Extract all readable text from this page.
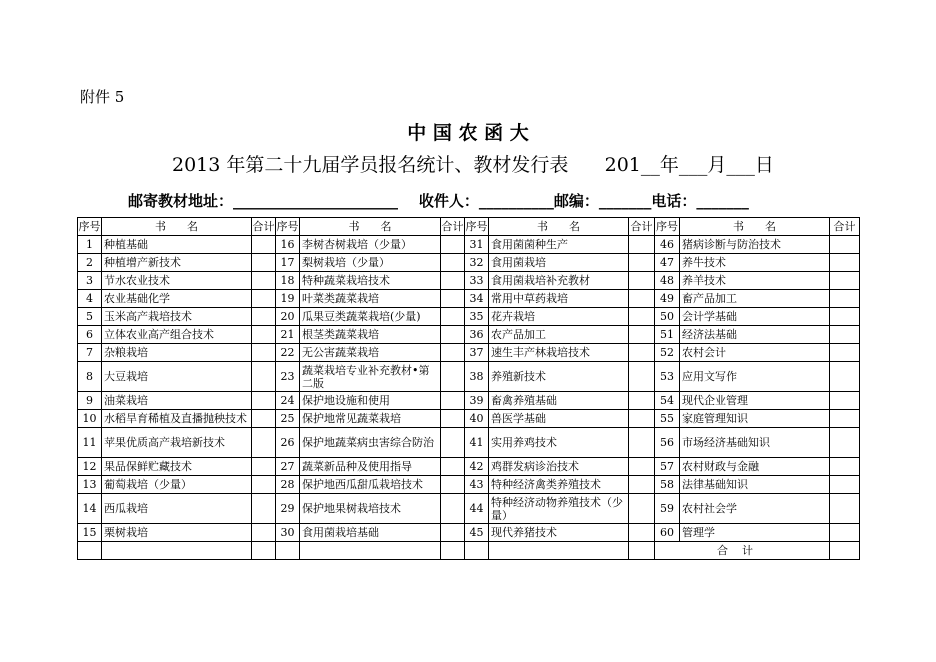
附件 5
中 国 农 函 大
2013 年第二十九届学员报名统计、教材发行表      201__年___月___日
邮寄教材地址：______________________    收件人：__________邮编：_______电话：_______
序号	书      名	合计	序号	书      名	合计	序号	书      名	合计	序号	书      名	合计
1	种植基础		16	李树杏树栽培（少量）		31	食用菌菌种生产		46	猪病诊断与防治技术	
2	种植增产新技术		17	梨树栽培（少量）		32	食用菌栽培		47	养牛技术	
3	节水农业技术		18	特种蔬菜栽培技术		33	食用菌栽培补充教材		48	养羊技术	
4	农业基础化学		19	叶菜类蔬菜栽培		34	常用中草药栽培		49	畜产品加工	
5	玉米高产栽培技术		20	瓜果豆类蔬菜栽培(少量)		35	花卉栽培		50	会计学基础	
6	立体农业高产组合技术		21	根茎类蔬菜栽培		36	农产品加工		51	经济法基础	
7	杂粮栽培		22	无公害蔬菜栽培		37	速生丰产林栽培技术		52	农村会计	
8	大豆栽培		23	蔬菜栽培专业补充教材•第二版		38	养殖新技术		53	应用文写作	
9	油菜栽培		24	保护地设施和使用		39	畜禽养殖基础		54	现代企业管理	
10	水稻旱育稀植及直播抛秧技术		25	保护地常见蔬菜栽培		40	兽医学基础		55	家庭管理知识	
11	苹果优质高产栽培新技术		26	保护地蔬菜病虫害综合防治		41	实用养鸡技术		56	市场经济基础知识	
12	果品保鲜贮藏技术		27	蔬菜新品种及使用指导		42	鸡群发病诊治技术		57	农村财政与金融	
13	葡萄栽培（少量）		28	保护地西瓜甜瓜栽培技术		43	特种经济禽类养殖技术		58	法律基础知识	
14	西瓜栽培		29	保护地果树栽培技术		44	特种经济动物养殖技术（少量）		59	农村社会学	
15	栗树栽培		30	食用菌栽培基础		45	现代养猪技术		60	管理学	
									合计		
